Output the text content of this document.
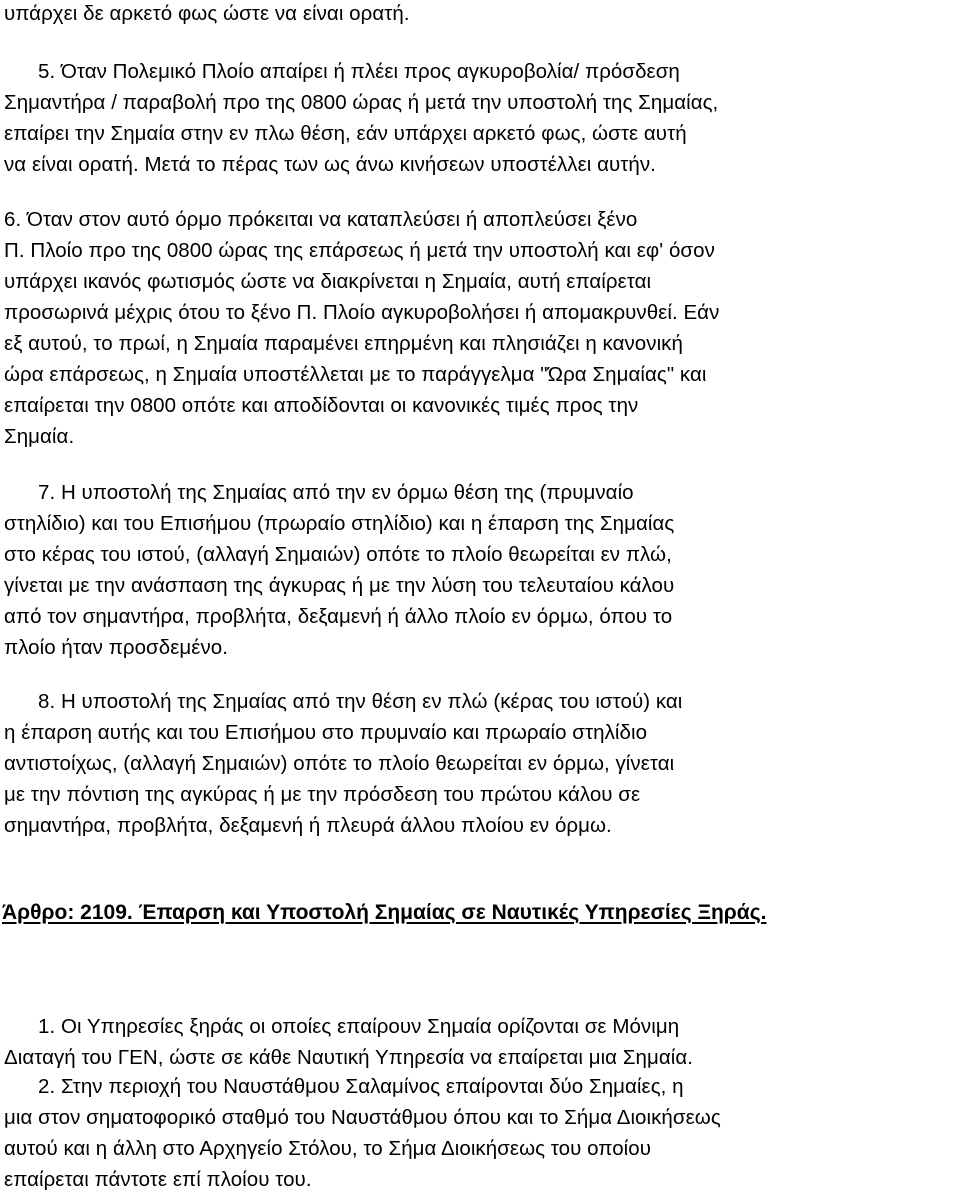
υπάρχει δε αρκετό φως ώστε να είναι ορατή.
5. Όταν Πολεμικό Πλοίο απαίρει ή πλέει προς αγκυροβολία/ πρόσδεση
Σημαντήρα / παραβολή προ της 0800 ώρας ή μετά την υποστολή της Σημαίας,
επαίρει την Σημαία στην εν πλω θέση, εάν υπάρχει αρκετό φως, ώστε αυτή
να είναι ορατή. Μετά το πέρας των ως άνω κινήσεων υποστέλλει αυτήν.
6. Όταν στον αυτό όρμο πρόκειται να καταπλεύσει ή αποπλεύσει ξένο
Π. Πλοίο προ της 0800 ώρας της επάρσεως ή μετά την υποστολή και εφ' όσον
υπάρχει ικανός φωτισμός ώστε να διακρίνεται η Σημαία, αυτή επαίρεται
προσωρινά μέχρις ότου το ξένο Π. Πλοίο αγκυροβολήσει ή απομακρυνθεί. Εάν
εξ αυτού, το πρωί, η Σημαία παραμένει επηρμένη και πλησιάζει η κανονική
ώρα επάρσεως, η Σημαία υποστέλλεται με το παράγγελμα "Ώρα Σημαίας" και
επαίρεται την 0800 οπότε και αποδίδονται οι κανονικές τιμές προς την
Σημαία.
7. Η υποστολή της Σημαίας από την εν όρμω θέση της (πρυμναίο
στηλίδιο) και του Επισήμου (πρωραίο στηλίδιο) και η έπαρση της Σημαίας
στο κέρας του ιστού, (αλλαγή Σημαιών) οπότε το πλοίο θεωρείται εν πλώ,
γίνεται με την ανάσπαση της άγκυρας ή με την λύση του τελευταίου κάλου
από τον σημαντήρα, προβλήτα, δεξαμενή ή άλλο πλοίο εν όρμω, όπου το
πλοίο ήταν προσδεμένο.
8. Η υποστολή της Σημαίας από την θέση εν πλώ (κέρας του ιστού) και
η έπαρση αυτής και του Επισήμου στο πρυμναίο και πρωραίο στηλίδιο
αντιστοίχως, (αλλαγή Σημαιών) οπότε το πλοίο θεωρείται εν όρμω, γίνεται
με την πόντιση της αγκύρας ή με την πρόσδεση του πρώτου κάλου σε
σημαντήρα, προβλήτα, δεξαμενή ή πλευρά άλλου πλοίου εν όρμω.
Άρθρο: 2109. Έπαρση και Υποστολή Σημαίας σε Ναυτικές Υπηρεσίες Ξηράς.
1. Οι Υπηρεσίες ξηράς οι οποίες επαίρουν Σημαία ορίζονται σε Μόνιμη
Διαταγή του ΓΕΝ, ώστε σε κάθε Ναυτική Υπηρεσία να επαίρεται μια Σημαία.
2. Στην περιοχή του Ναυστάθμου Σαλαμίνος επαίρονται δύο Σημαίες, η
μια στον σηματοφορικό σταθμό του Ναυστάθμου όπου και το Σήμα Διοικήσεως
αυτού και η άλλη στο Αρχηγείο Στόλου, το Σήμα Διοικήσεως του οποίου
επαίρεται πάντοτε επί πλοίου του.
